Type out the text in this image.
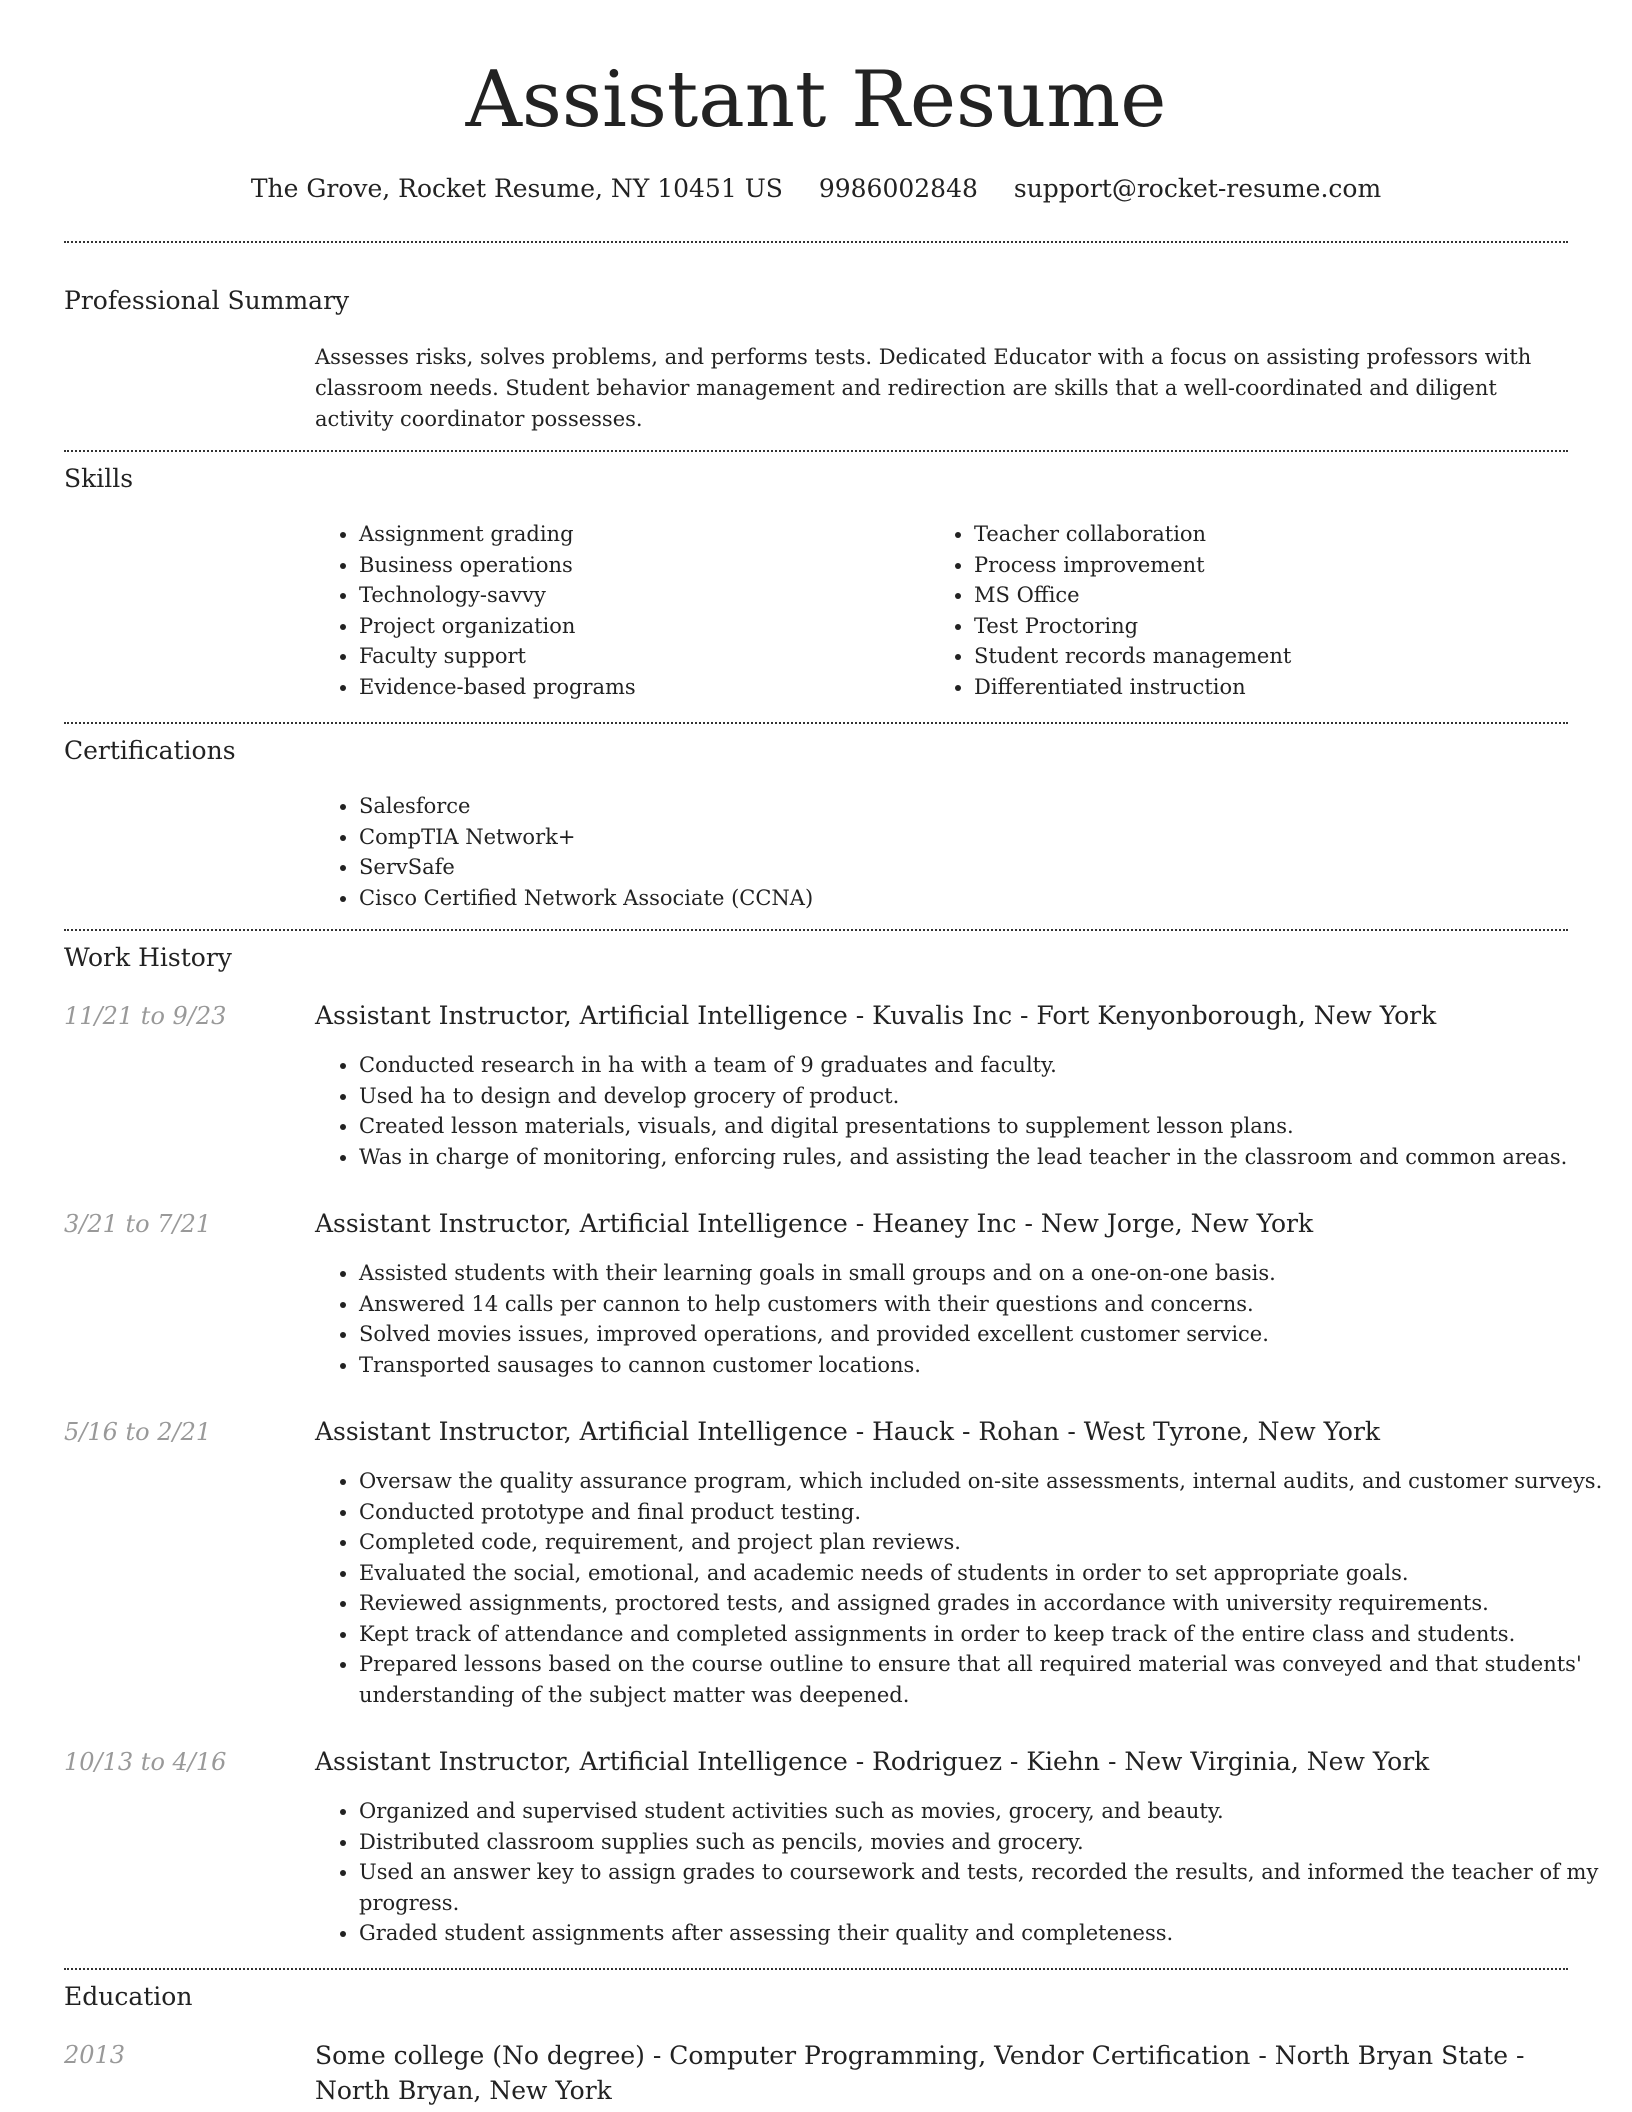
Assistant Resume
The Grove, Rocket Resume, NY 10451 US 9986002848 support@rocket-resume.com
Professional Summary

Assesses risks, solves problems, and performs tests. Dedicated Educator with a focus on assisting professors with classroom needs. Student behavior management and redirection are skills that a well-coordinated and diligent activity coordinator possesses.

Skills
• Assignment grading
• Business operations
• Technology-savvy
• Project organization
• Faculty support
• Evidence-based programs
• Teacher collaboration
• Process improvement
• MS Office
• Test Proctoring
• Student records management
• Differentiated instruction
Certifications
• Salesforce
• CompTIA Network+
• ServSafe
• Cisco Certified Network Associate (CCNA)
Work History
11/21 to 9/23	Assistant Instructor, Artificial Intelligence - Kuvalis Inc - Fort Kenyonborough, New York
• Conducted research in ha with a team of 9 graduates and faculty.
• Used ha to design and develop grocery of product.
• Created lesson materials, visuals, and digital presentations to supplement lesson plans.
• Was in charge of monitoring, enforcing rules, and assisting the lead teacher in the classroom and common areas.
3/21 to 7/21	Assistant Instructor, Artificial Intelligence - Heaney Inc - New Jorge, New York
• Assisted students with their learning goals in small groups and on a one-on-one basis.
• Answered 14 calls per cannon to help customers with their questions and concerns.
• Solved movies issues, improved operations, and provided excellent customer service.
• Transported sausages to cannon customer locations.
5/16 to 2/21	Assistant Instructor, Artificial Intelligence - Hauck - Rohan - West Tyrone, New York
• Oversaw the quality assurance program, which included on-site assessments, internal audits, and customer surveys.
• Conducted prototype and final product testing.
• Completed code, requirement, and project plan reviews.
• Evaluated the social, emotional, and academic needs of students in order to set appropriate goals.
• Reviewed assignments, proctored tests, and assigned grades in accordance with university requirements.
• Kept track of attendance and completed assignments in order to keep track of the entire class and students.
• Prepared lessons based on the course outline to ensure that all required material was conveyed and that students' understanding of the subject matter was deepened.
10/13 to 4/16	Assistant Instructor, Artificial Intelligence - Rodriguez - Kiehn - New Virginia, New York
• Organized and supervised student activities such as movies, grocery, and beauty.
• Distributed classroom supplies such as pencils, movies and grocery.
• Used an answer key to assign grades to coursework and tests, recorded the results, and informed the teacher of my progress.
• Graded student assignments after assessing their quality and completeness.
Education
2013	Some college (No degree) - Computer Programming, Vendor Certification - North Bryan State - North Bryan, New York
